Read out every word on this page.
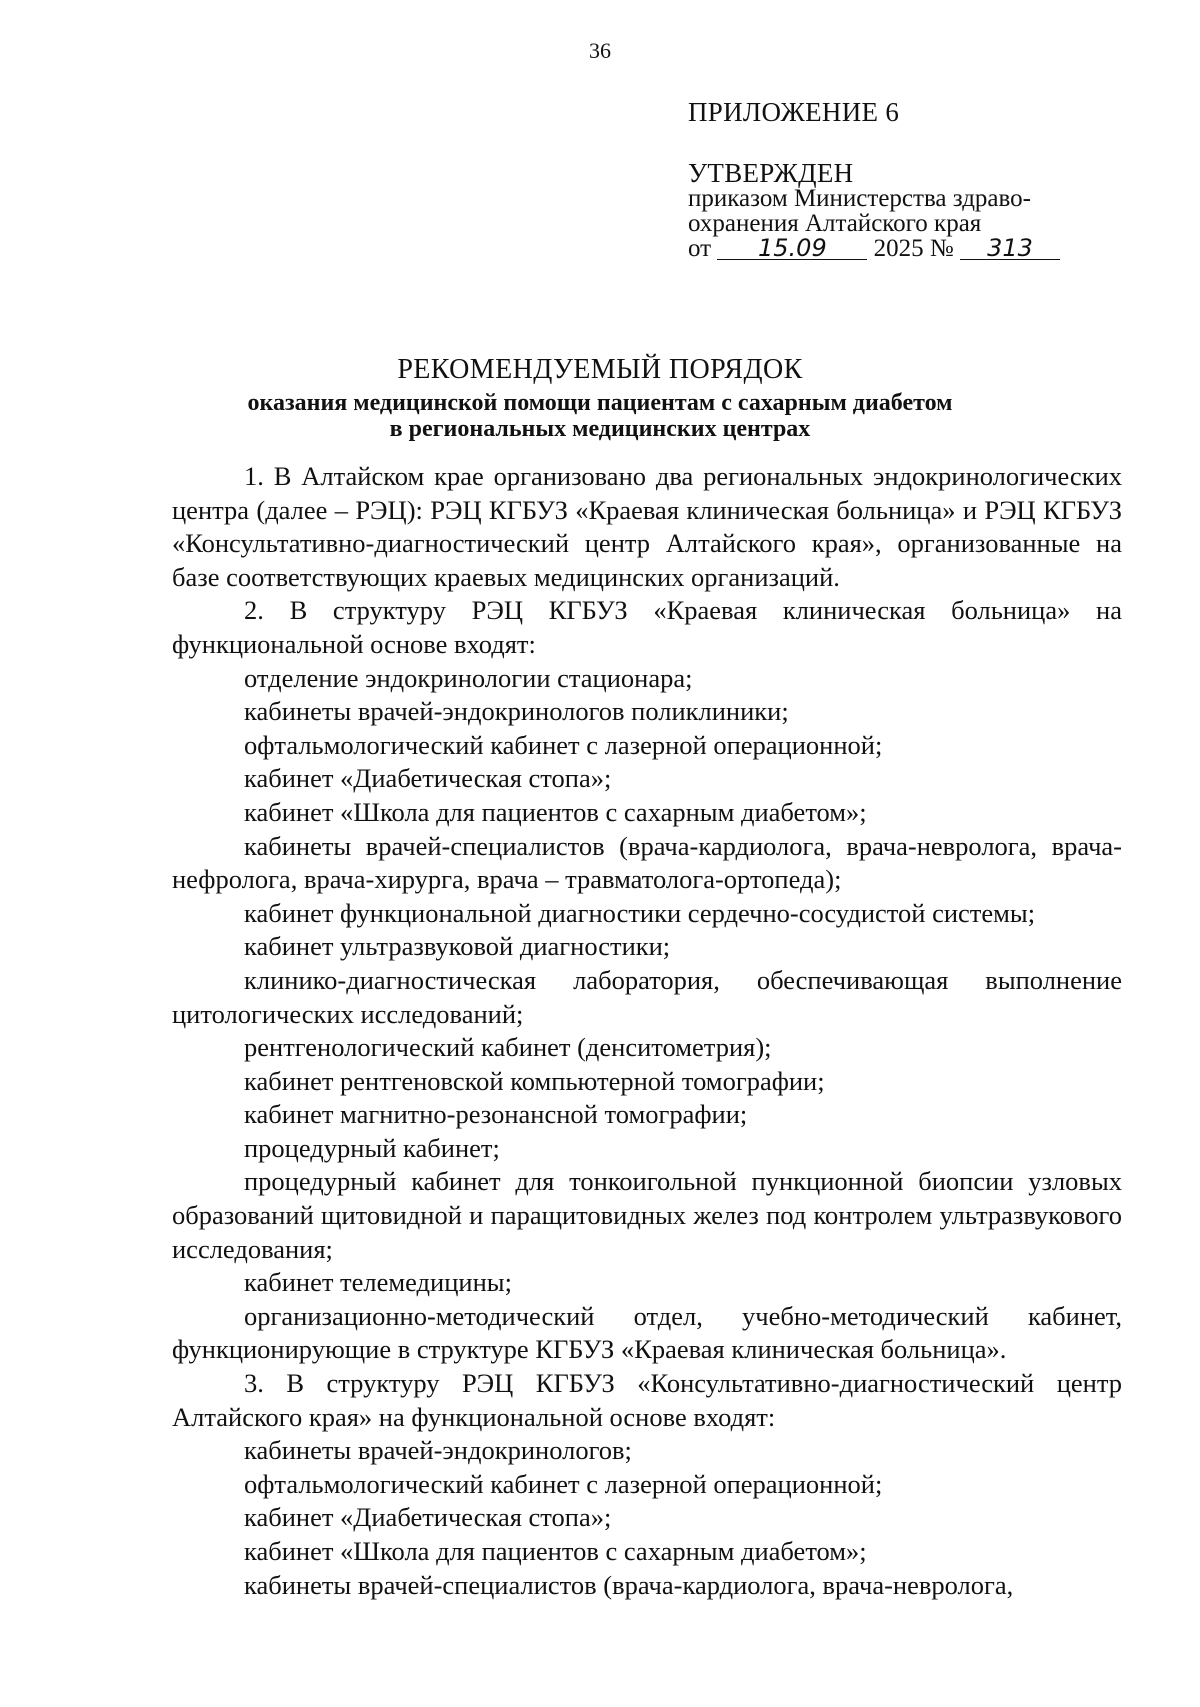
36

ПРИЛОЖЕНИЕ 6

УТВЕРЖДЕН

приказом Министерства здраво-

охранения Алтайского края

от 15.09 2025 № 313

РЕКОМЕНДУЕМЫЙ ПОРЯДОК

оказания медицинской помощи пациентам с сахарным диабетом

в региональных медицинских центрах

1. В Алтайском крае организовано два региональных эндокринологических центра (далее – РЭЦ): РЭЦ КГБУЗ «Краевая клиническая больница» и РЭЦ КГБУЗ «Консультативно-диагностический центр Алтайского края», организованные на базе соответствующих краевых медицинских организаций.

2. В структуру РЭЦ КГБУЗ «Краевая клиническая больница» на функциональной основе входят:

отделение эндокринологии стационара;

кабинеты врачей-эндокринологов поликлиники;

офтальмологический кабинет с лазерной операционной;

кабинет «Диабетическая стопа»;

кабинет «Школа для пациентов с сахарным диабетом»;

кабинеты врачей-специалистов (врача-кардиолога, врача-невролога, врача-нефролога, врача-хирурга, врача – травматолога-ортопеда);

кабинет функциональной диагностики сердечно-сосудистой системы;

кабинет ультразвуковой диагностики;

клинико-диагностическая лаборатория, обеспечивающая выполнение цитологических исследований;

рентгенологический кабинет (денситометрия);

кабинет рентгеновской компьютерной томографии;

кабинет магнитно-резонансной томографии;

процедурный кабинет;

процедурный кабинет для тонкоигольной пункционной биопсии узловых образований щитовидной и паращитовидных желез под контролем ультразвукового исследования;

кабинет телемедицины;

организационно-методический отдел, учебно-методический кабинет, функционирующие в структуре КГБУЗ «Краевая клиническая больница».

3. В структуру РЭЦ КГБУЗ «Консультативно-диагностический центр Алтайского края» на функциональной основе входят:

кабинеты врачей-эндокринологов;

офтальмологический кабинет с лазерной операционной;

кабинет «Диабетическая стопа»;

кабинет «Школа для пациентов с сахарным диабетом»;

кабинеты врачей-специалистов (врача-кардиолога, врача-невролога,
